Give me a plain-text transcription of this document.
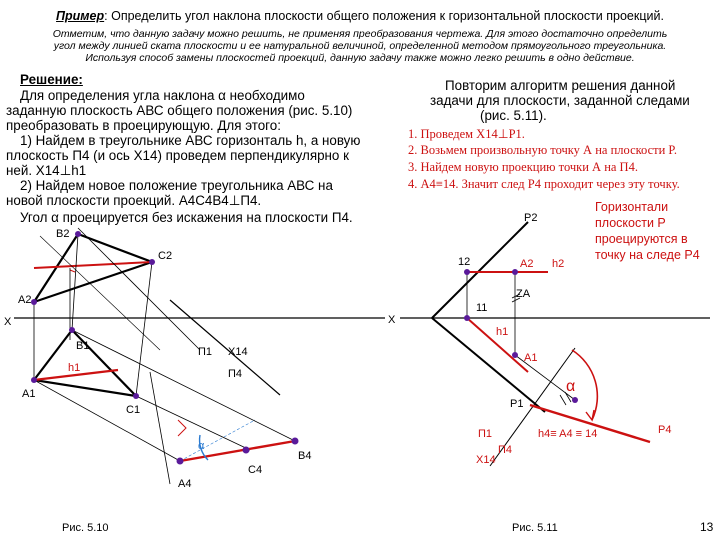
Пример: Определить угол наклона плоскости общего положения к горизонтальной плоскости проекций.
Отметим, что данную задачу можно решить, не применяя преобразования чертежа. Для этого достаточно определить
угол между линией ската плоскости и ее натуральной величиной, определенной методом прямоугольного треугольника.
Используя способ замены плоскостей проекций, данную задачу также можно легко решить в одно действие.
Решение:
Для определения угла наклона α необходимо
заданную плоскость АВС общего положения (рис. 5.10)
преобразовать в проецирующую. Для этого:
1) Найдем в треугольнике АВС горизонталь h, а новую
плоскость П4 (и ось Х14) проведем перпендикулярно к
ней. Х14⊥h1
2) Найдем новое положение треугольника АВС на
новой плоскости проекций. А4С4В4⊥П4.
Угол α проецируется без искажения на плоскости П4.
Повторим алгоритм решения данной
задачи для плоскости, заданной следами
(рис. 5.11).
1. Проведем Х14⊥Р1.
2. Возьмем произвольную точку А на плоскости Р.
3. Найдем новую проекцию точки А на П4.
4. А4≡14. Значит след Р4 проходит через эту точку.
Горизонтали
плоскости Р
проецируются в
точку на следе Р4
B2
C2
A2
X
B1
h1
A1
C1
П1 Х14
П4
α
C4
B4
A4
Рис. 5.10
P2
12	A2 h2
ZA
X
11
h1
A1
α
P1
П1
П4
Х14
h4≡ A4 ≡ 14	P4
Рис. 5.11	13
